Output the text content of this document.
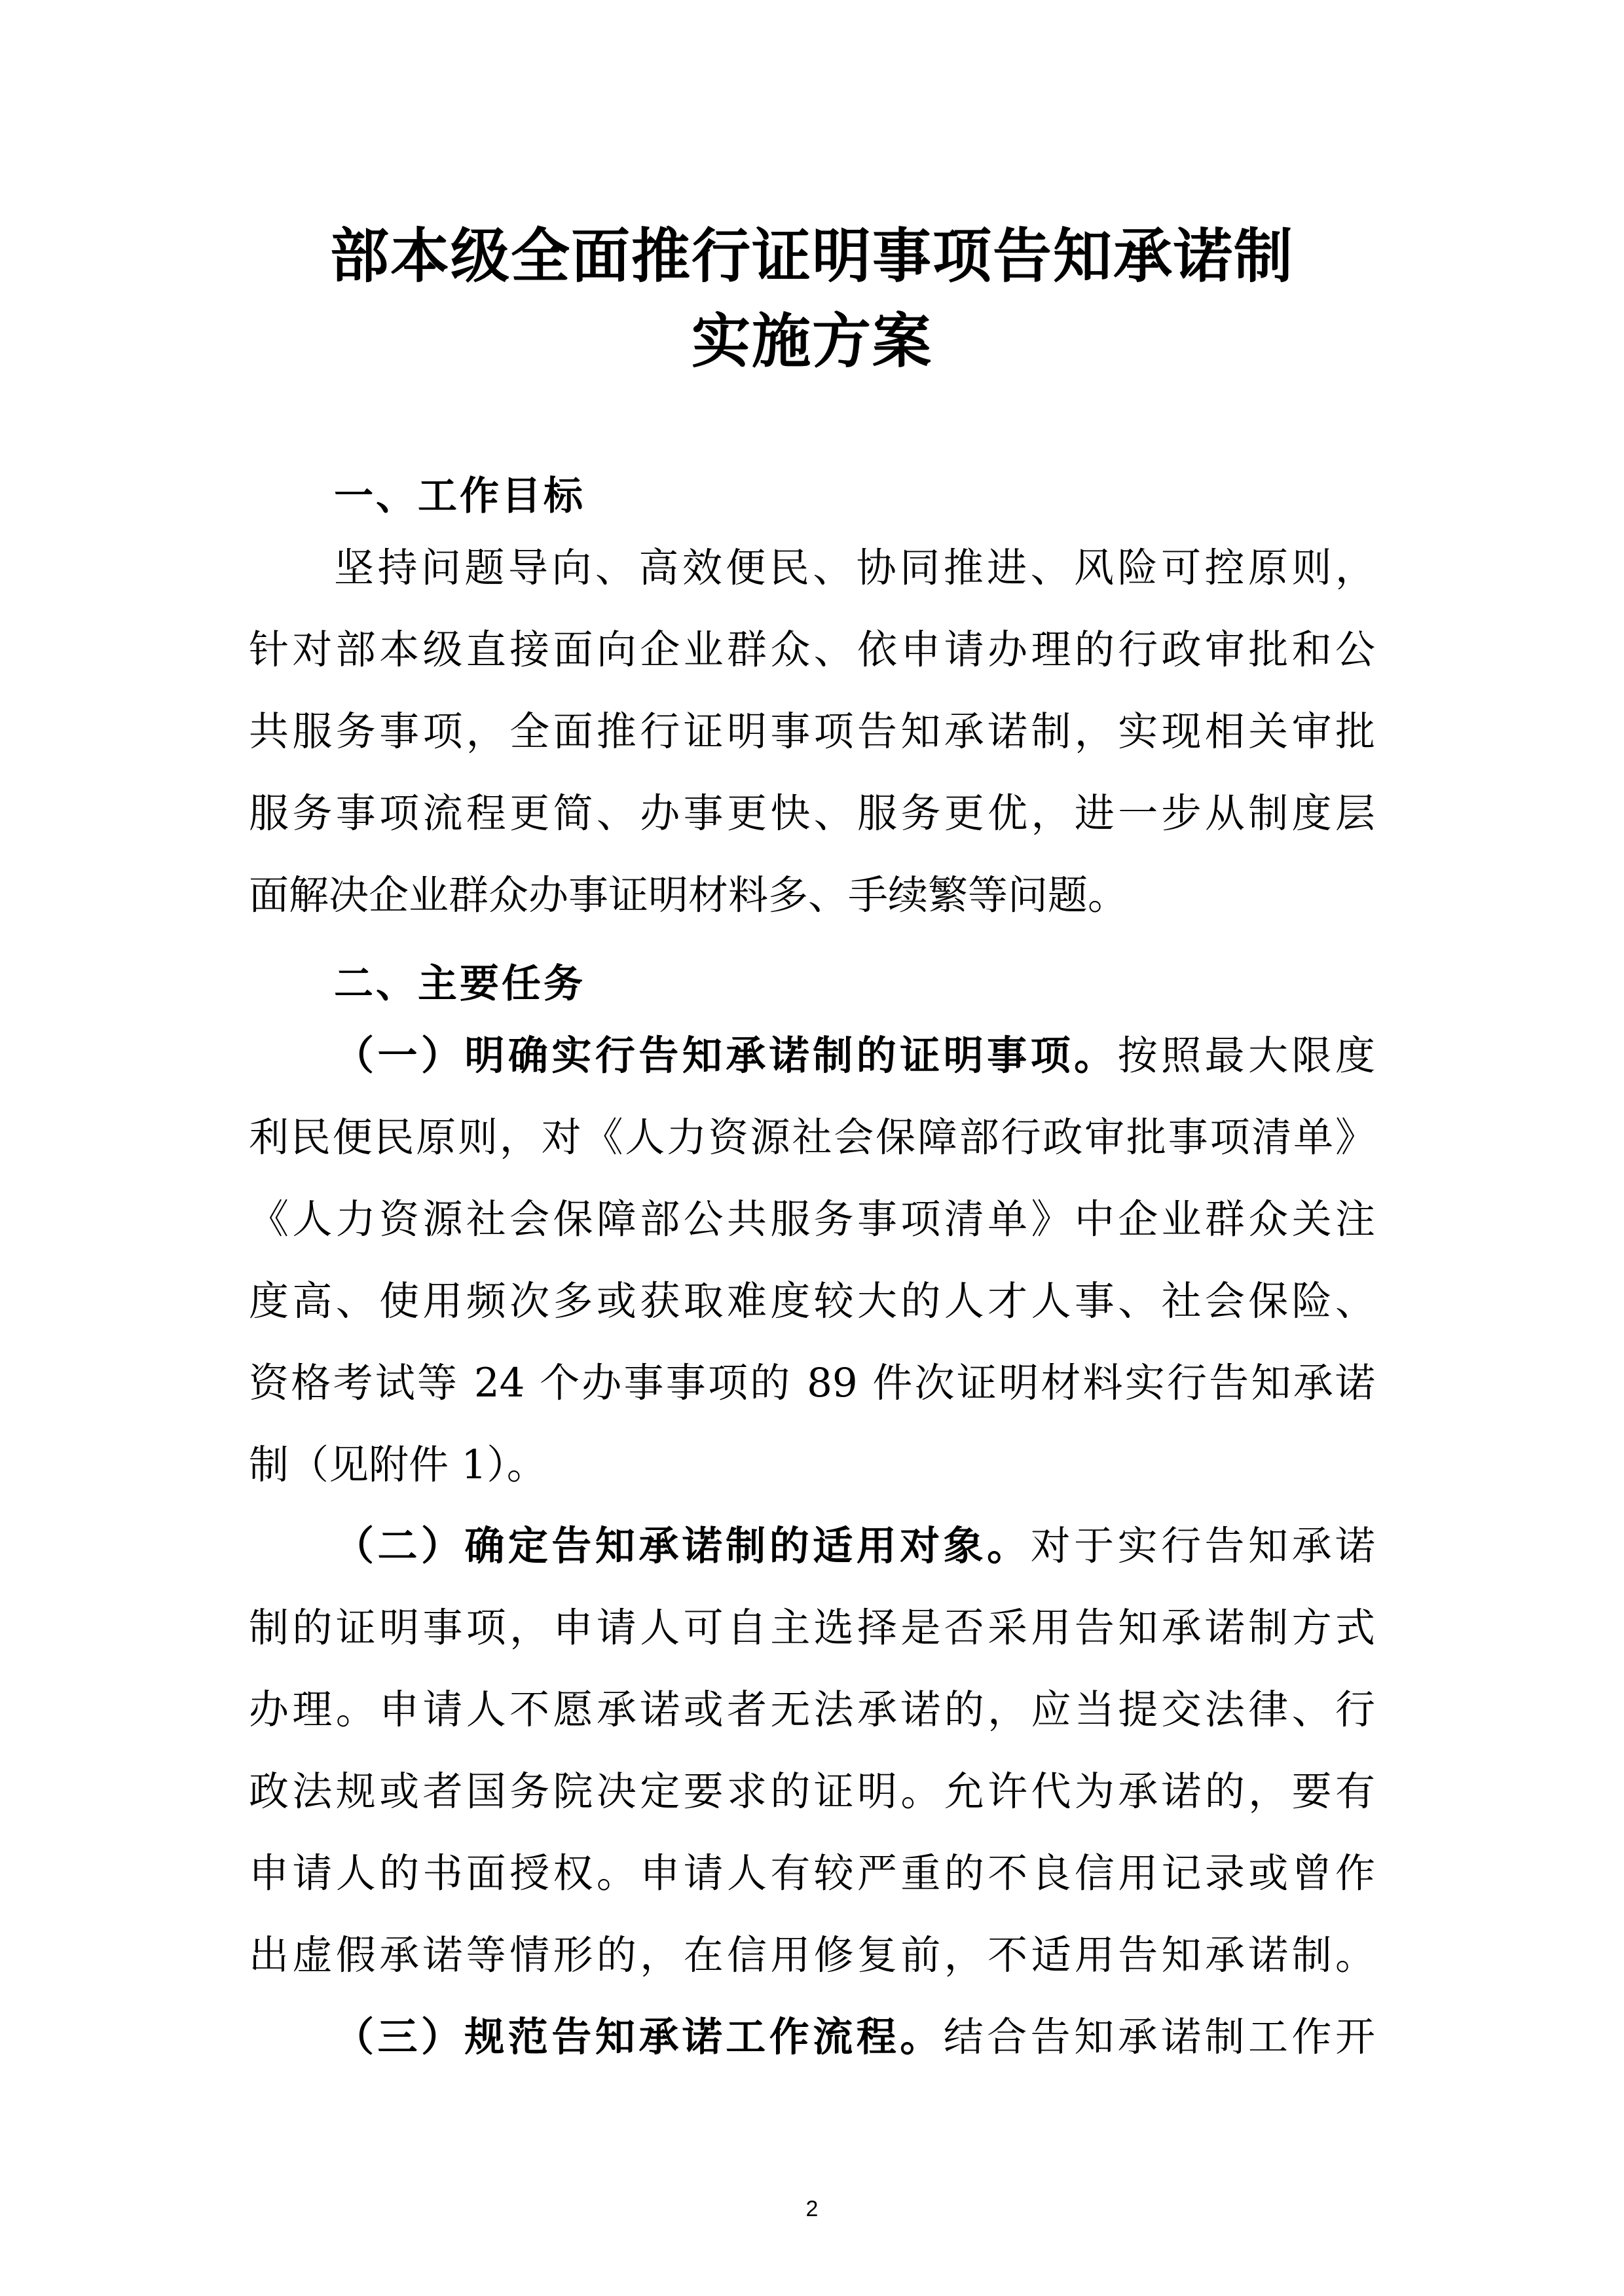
部本级全面推行证明事项告知承诺制
实施方案
一、工作目标
坚持问题导向、高效便民、协同推进、风险可控原则，
针对部本级直接面向企业群众、依申请办理的行政审批和公
共服务事项，全面推行证明事项告知承诺制，实现相关审批
服务事项流程更简、办事更快、服务更优，进一步从制度层
面解决企业群众办事证明材料多、手续繁等问题。
二、主要任务
（一）明确实行告知承诺制的证明事项。按照最大限度
利民便民原则，对《人力资源社会保障部行政审批事项清单》
《人力资源社会保障部公共服务事项清单》中企业群众关注
度高、使用频次多或获取难度较大的人才人事、社会保险、
资格考试等 24 个办事事项的 89 件次证明材料实行告知承诺
制（见附件 1）。
（二）确定告知承诺制的适用对象。对于实行告知承诺
制的证明事项，申请人可自主选择是否采用告知承诺制方式
办理。申请人不愿承诺或者无法承诺的，应当提交法律、行
政法规或者国务院决定要求的证明。允许代为承诺的，要有
申请人的书面授权。申请人有较严重的不良信用记录或曾作
出虚假承诺等情形的，在信用修复前，不适用告知承诺制。
（三）规范告知承诺工作流程。结合告知承诺制工作开
2
